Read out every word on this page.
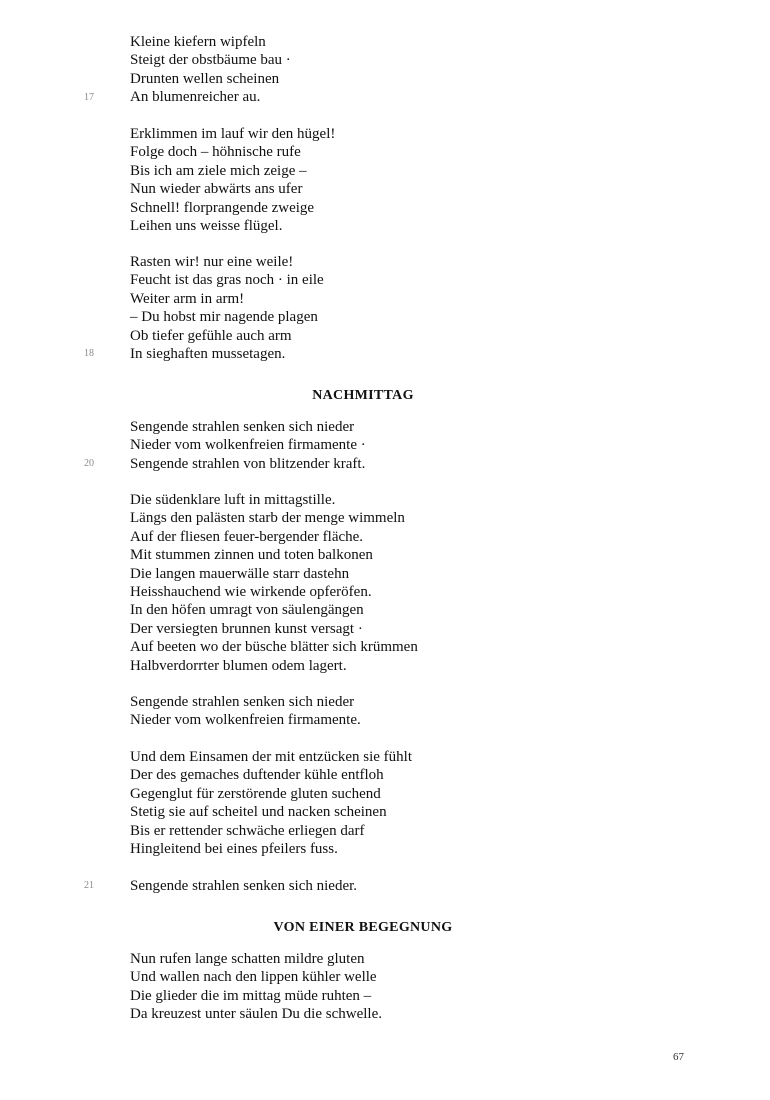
Kleine kiefern wipfeln
Steigt der obstbäume bau ·
Drunten wellen scheinen
An blumenreicher au.
17
Erklimmen im lauf wir den hügel!
Folge doch – höhnische rufe
Bis ich am ziele mich zeige –
Nun wieder abwärts ans ufer
Schnell! florprangende zweige
Leihen uns weisse flügel.
Rasten wir! nur eine weile!
Feucht ist das gras noch · in eile
Weiter arm in arm!
– Du hobst mir nagende plagen
Ob tiefer gefühle auch arm
In sieghaften mussetagen.
18
NACHMITTAG
Sengende strahlen senken sich nieder
Nieder vom wolkenfreien firmamente ·
Sengende strahlen von blitzender kraft.
20
Die südenklare luft in mittagstille.
Längs den palästen starb der menge wimmeln
Auf der fliesen feuer-bergender fläche.
Mit stummen zinnen und toten balkonen
Die langen mauerwälle starr dastehn
Heisshauchend wie wirkende opferöfen.
In den höfen umragt von säulengängen
Der versiegten brunnen kunst versagt ·
Auf beeten wo der büsche blätter sich krümmen
Halbverdorrter blumen odem lagert.
Sengende strahlen senken sich nieder
Nieder vom wolkenfreien firmamente.
Und dem Einsamen der mit entzücken sie fühlt
Der des gemaches duftender kühle entfloh
Gegenglut für zerstörende gluten suchend
Stetig sie auf scheitel und nacken scheinen
Bis er rettender schwäche erliegen darf
Hingleitend bei eines pfeilers fuss.
Sengende strahlen senken sich nieder.
21
VON EINER BEGEGNUNG
Nun rufen lange schatten mildre gluten
Und wallen nach den lippen kühler welle
Die glieder die im mittag müde ruhten –
Da kreuzest unter säulen Du die schwelle.
67
